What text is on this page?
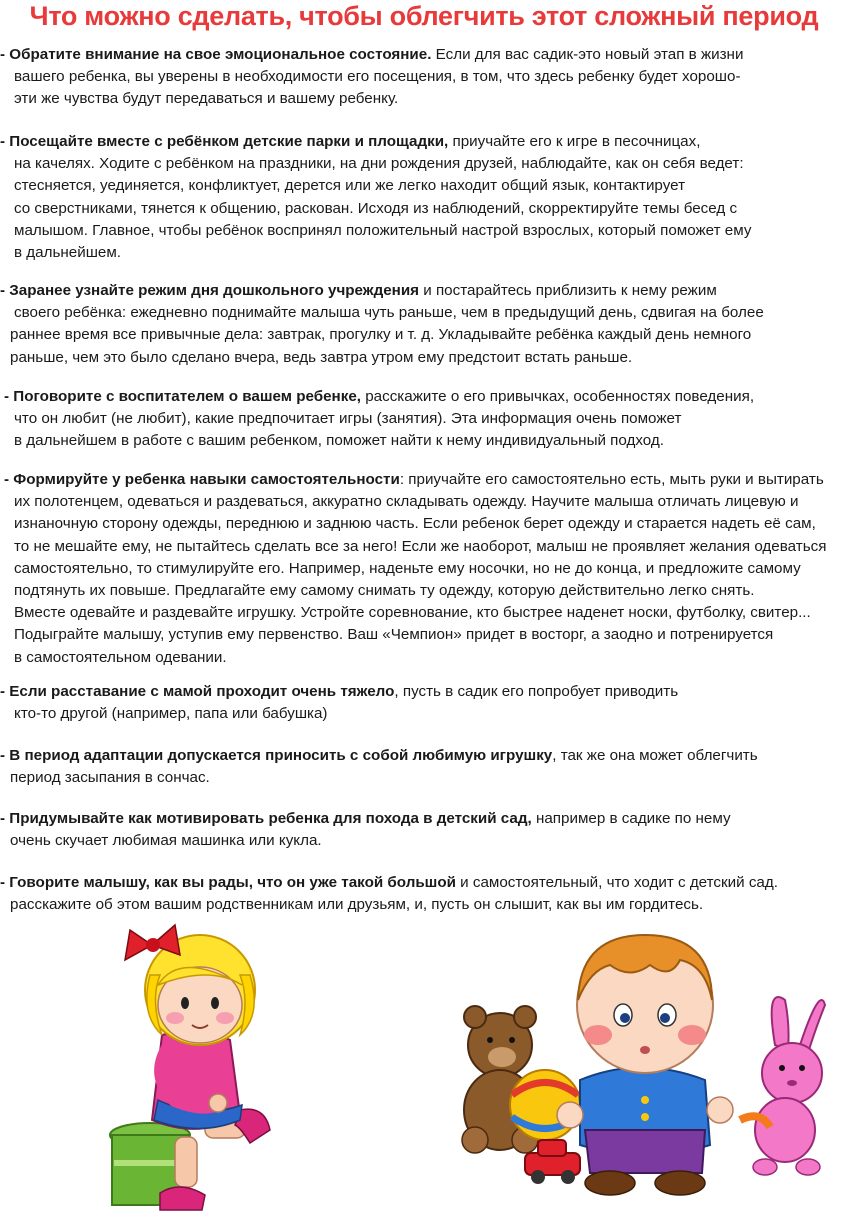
Что можно сделать, чтобы облегчить этот сложный период
- Обратите внимание на свое эмоциональное состояние. Если для вас садик-это новый этап в жизни
вашего ребенка, вы уверены в необходимости его посещения, в том, что здесь ребенку будет хорошо-
эти же чувства будут передаваться и вашему ребенку.
- Посещайте вместе с ребёнком детские парки и площадки, приучайте его к игре в песочницах,
на качелях. Ходите с ребёнком на праздники, на дни рождения друзей, наблюдайте, как он себя ведет:
стесняется, уединяется, конфликтует, дерется или же легко находит общий язык, контактирует
со сверстниками, тянется к общению, раскован. Исходя из наблюдений, скорректируйте темы бесед с
малышом. Главное, чтобы ребёнок воспринял положительный настрой взрослых, который поможет ему
в дальнейшем.
- Заранее узнайте режим дня дошкольного учреждения и постарайтесь приблизить к нему режим
своего ребёнка: ежедневно поднимайте малыша чуть раньше, чем в предыдущий день, сдвигая на более
раннее время все привычные дела: завтрак, прогулку и т. д. Укладывайте ребёнка каждый день немного
раньше, чем это было сделано вчера, ведь завтра утром ему предстоит встать раньше.
- Поговорите с воспитателем о вашем ребенке, расскажите о его привычках, особенностях поведения,
что он любит (не любит), какие предпочитает игры (занятия). Эта информация очень поможет
в дальнейшем в работе с вашим ребенком, поможет найти к нему индивидуальный подход.
- Формируйте у ребенка навыки самостоятельности: приучайте его самостоятельно есть, мыть руки и вытирать
их полотенцем, одеваться и раздеваться, аккуратно складывать одежду. Научите малыша отличать лицевую и
изнаночную сторону одежды, переднюю и заднюю часть. Если ребенок берет одежду и старается надеть её сам,
то не мешайте ему, не пытайтесь сделать все за него! Если же наоборот, малыш не проявляет желания одеваться
самостоятельно, то стимулируйте его. Например, наденьте ему носочки, но не до конца, и предложите самому
подтянуть их повыше. Предлагайте ему самому снимать ту одежду, которую действительно легко снять.
Вместе одевайте и раздевайте игрушку. Устройте соревнование, кто быстрее наденет носки, футболку, свитер...
Подыграйте малышу, уступив ему первенство. Ваш «Чемпион» придет в восторг, а заодно и потренируется
в самостоятельном одевании.
- Если расставание с мамой проходит очень тяжело, пусть в садик его попробует приводить
кто-то другой (например, папа или бабушка)
- В период адаптации допускается приносить с собой любимую игрушку, так же она может облегчить
период засыпания в сончас.
- Придумывайте как мотивировать ребенка для похода в детский сад, например в садике по нему
очень скучает любимая машинка или кукла.
- Говорите малышу, как вы рады, что он уже такой большой и самостоятельный, что ходит с детский сад.
расскажите об этом вашим родственникам или друзьям, и, пусть он слышит, как вы им гордитесь.
